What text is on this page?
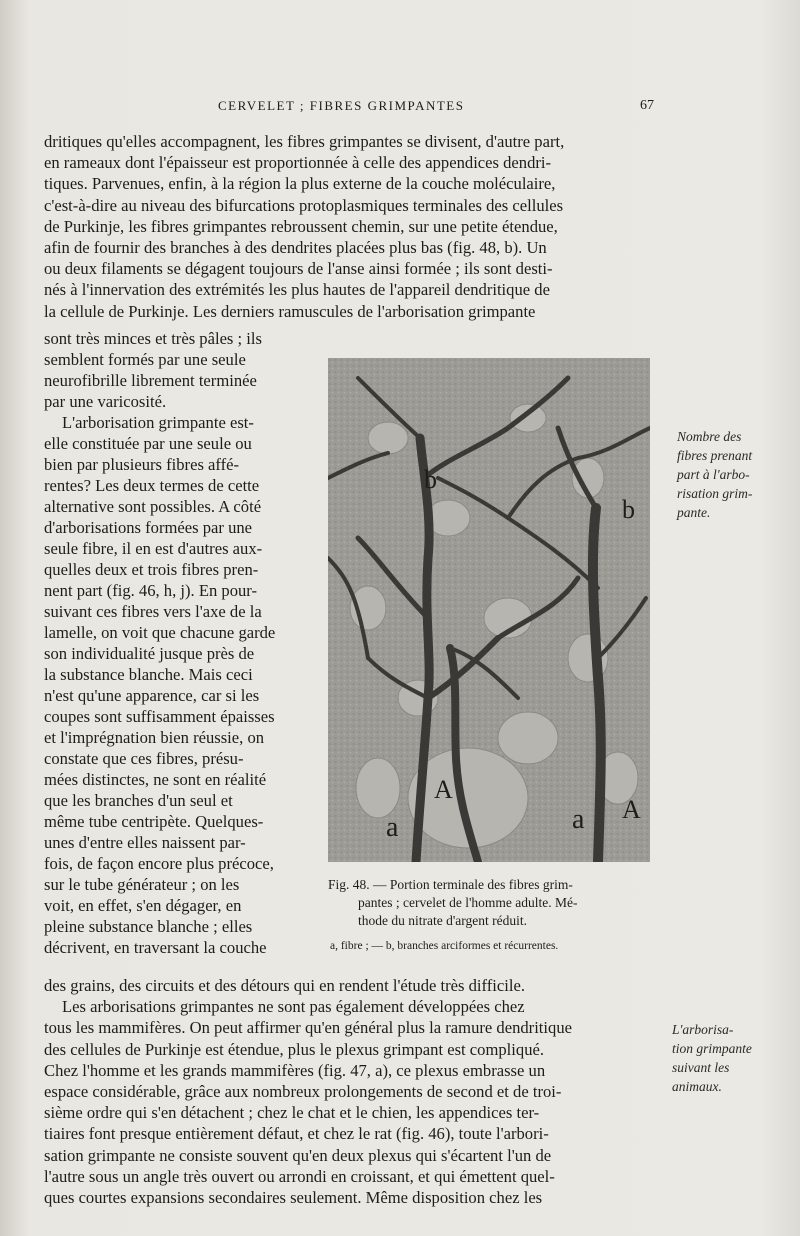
CERVELET ; FIBRES GRIMPANTES	67
dritiques qu'elles accompagnent, les fibres grimpantes se divisent, d'autre part,
en rameaux dont l'épaisseur est proportionnée à celle des appendices dendri-
tiques. Parvenues, enfin, à la région la plus externe de la couche moléculaire,
c'est-à-dire au niveau des bifurcations protoplasmiques terminales des cellules
de Purkinje, les fibres grimpantes rebroussent chemin, sur une petite étendue,
afin de fournir des branches à des dendrites placées plus bas (fig. 48, b). Un
ou deux filaments se dégagent toujours de l'anse ainsi formée ; ils sont desti-
nés à l'innervation des extrémités les plus hautes de l'appareil dendritique de
la cellule de Purkinje. Les derniers ramuscules de l'arborisation grimpante
sont très minces et très pâles ; ils
semblent formés par une seule
neurofibrille librement terminée
par une varicosité.
L'arborisation grimpante est-
elle constituée par une seule ou
bien par plusieurs fibres affé-
rentes? Les deux termes de cette
alternative sont possibles. A côté
d'arborisations formées par une
seule fibre, il en est d'autres aux-
quelles deux et trois fibres pren-
nent part (fig. 46, h, j). En pour-
suivant ces fibres vers l'axe de la
lamelle, on voit que chacune garde
son individualité jusque près de
la substance blanche. Mais ceci
n'est qu'une apparence, car si les
coupes sont suffisamment épaisses
et l'imprégnation bien réussie, on
constate que ces fibres, présu-
mées distinctes, ne sont en réalité
que les branches d'un seul et
même tube centripète. Quelques-
unes d'entre elles naissent par-
fois, de façon encore plus précoce,
sur le tube générateur ; on les
voit, en effet, s'en dégager, en
pleine substance blanche ; elles
décrivent, en traversant la couche
des grains, des circuits et des détours qui en rendent l'étude très difficile.
Les arborisations grimpantes ne sont pas également développées chez
tous les mammifères. On peut affirmer qu'en général plus la ramure dendritique
des cellules de Purkinje est étendue, plus le plexus grimpant est compliqué.
Chez l'homme et les grands mammifères (fig. 47, a), ce plexus embrasse un
espace considérable, grâce aux nombreux prolongements de second et de troi-
sième ordre qui s'en détachent ; chez le chat et le chien, les appendices ter-
tiaires font presque entièrement défaut, et chez le rat (fig. 46), toute l'arbori-
sation grimpante ne consiste souvent qu'en deux plexus qui s'écartent l'un de
l'autre sous un angle très ouvert ou arrondi en croissant, et qui émettent quel-
ques courtes expansions secondaires seulement. Même disposition chez les
b
b
A
A
a	a
Fig. 48. — Portion terminale des fibres grim-
pantes ; cervelet de l'homme adulte. Mé-
thode du nitrate d'argent réduit.
a, fibre ; — b, branches arciformes et récurrentes.
Nombre des
fibres prenant
part à l'arbo-
risation grim-
pante.
L'arborisa-
tion grimpante
suivant les
animaux.
